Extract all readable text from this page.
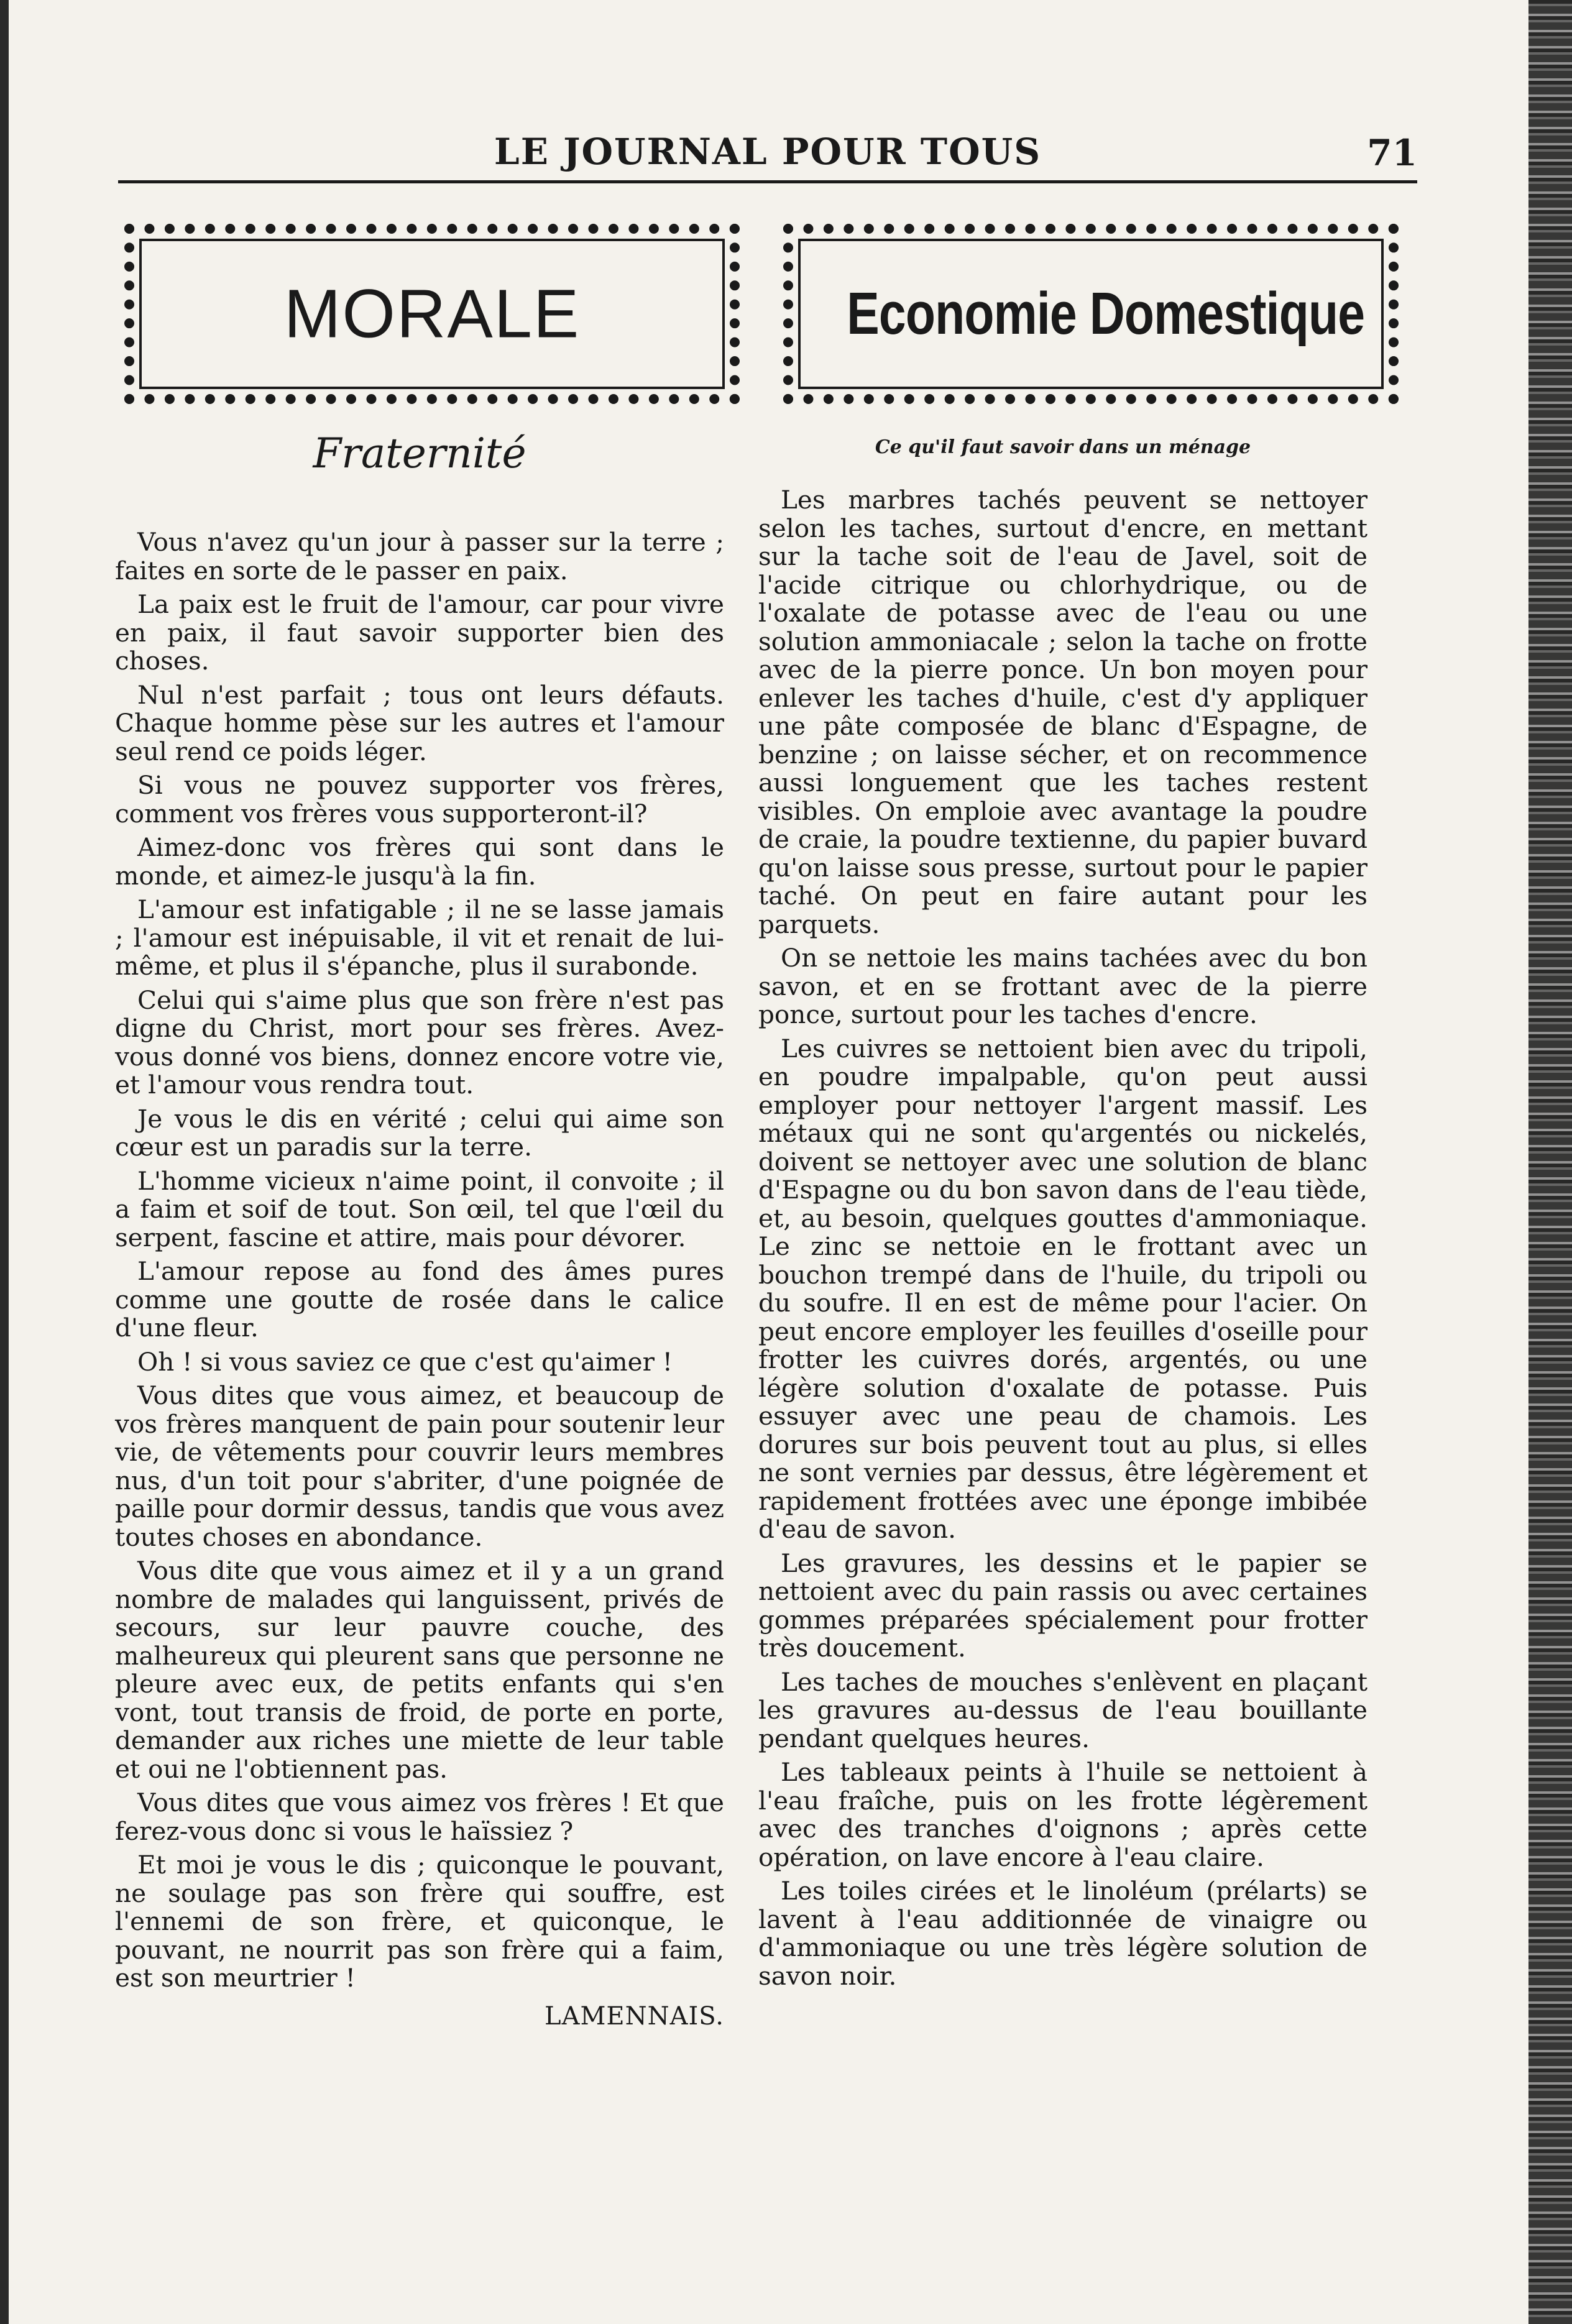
LE JOURNAL POUR TOUS	71
MORALE	Economie Domestique
Fraternité

Vous n'avez qu'un jour à passer sur la terre ; faites en sorte de le passer en paix.

La paix est le fruit de l'amour, car pour vivre en paix, il faut savoir supporter bien des choses.

Nul n'est parfait ; tous ont leurs défauts. Chaque homme pèse sur les autres et l'amour seul rend ce poids léger.

Si vous ne pouvez supporter vos frères, comment vos frères vous supporteront-il?

Aimez-donc vos frères qui sont dans le monde, et aimez-le jusqu'à la fin.

L'amour est infatigable ; il ne se lasse jamais ; l'amour est inépuisable, il vit et renait de lui-même, et plus il s'épanche, plus il surabonde.

Celui qui s'aime plus que son frère n'est pas digne du Christ, mort pour ses frères. Avez-vous donné vos biens, donnez encore votre vie, et l'amour vous rendra tout.

Je vous le dis en vérité ; celui qui aime son cœur est un paradis sur la terre.

L'homme vicieux n'aime point, il convoite ; il a faim et soif de tout. Son œil, tel que l'œil du serpent, fascine et attire, mais pour dévorer.

L'amour repose au fond des âmes pures comme une goutte de rosée dans le calice d'une fleur.

Oh ! si vous saviez ce que c'est qu'aimer !

Vous dites que vous aimez, et beaucoup de vos frères manquent de pain pour soutenir leur vie, de vêtements pour couvrir leurs membres nus, d'un toit pour s'abriter, d'une poignée de paille pour dormir dessus, tandis que vous avez toutes choses en abondance.

Vous dite que vous aimez et il y a un grand nombre de malades qui languissent, privés de secours, sur leur pauvre couche, des malheureux qui pleurent sans que personne ne pleure avec eux, de petits enfants qui s'en vont, tout transis de froid, de porte en porte, demander aux riches une miette de leur table et oui ne l'obtiennent pas.

Vous dites que vous aimez vos frères ! Et que ferez-vous donc si vous le haïssiez ?

Et moi je vous le dis ; quiconque le pouvant, ne soulage pas son frère qui souffre, est l'ennemi de son frère, et quiconque, le pouvant, ne nourrit pas son frère qui a faim, est son meurtrier !

LAMENNAIS.
Ce qu'il faut savoir dans un ménage

Les marbres tachés peuvent se nettoyer selon les taches, surtout d'encre, en mettant sur la tache soit de l'eau de Javel, soit de l'acide citrique ou chlorhydrique, ou de l'oxalate de potasse avec de l'eau ou une solution ammoniacale ; selon la tache on frotte avec de la pierre ponce. Un bon moyen pour enlever les taches d'huile, c'est d'y appliquer une pâte composée de blanc d'Espagne, de benzine ; on laisse sécher, et on recommence aussi longuement que les taches restent visibles. On emploie avec avantage la poudre de craie, la poudre textienne, du papier buvard qu'on laisse sous presse, surtout pour le papier taché. On peut en faire autant pour les parquets.

On se nettoie les mains tachées avec du bon savon, et en se frottant avec de la pierre ponce, surtout pour les taches d'encre.

Les cuivres se nettoient bien avec du tripoli, en poudre impalpable, qu'on peut aussi employer pour nettoyer l'argent massif. Les métaux qui ne sont qu'argentés ou nickelés, doivent se nettoyer avec une solution de blanc d'Espagne ou du bon savon dans de l'eau tiède, et, au besoin, quelques gouttes d'ammoniaque. Le zinc se nettoie en le frottant avec un bouchon trempé dans de l'huile, du tripoli ou du soufre. Il en est de même pour l'acier. On peut encore employer les feuilles d'oseille pour frotter les cuivres dorés, argentés, ou une légère solution d'oxalate de potasse. Puis essuyer avec une peau de chamois. Les dorures sur bois peuvent tout au plus, si elles ne sont vernies par dessus, être légèrement et rapidement frottées avec une éponge imbibée d'eau de savon.

Les gravures, les dessins et le papier se nettoient avec du pain rassis ou avec certaines gommes préparées spécialement pour frotter très doucement.

Les taches de mouches s'enlèvent en plaçant les gravures au-dessus de l'eau bouillante pendant quelques heures.

Les tableaux peints à l'huile se nettoient à l'eau fraîche, puis on les frotte légèrement avec des tranches d'oignons ; après cette opération, on lave encore à l'eau claire.

Les toiles cirées et le linoléum (prélarts) se lavent à l'eau additionnée de vinaigre ou d'ammoniaque ou une très légère solution de savon noir.
